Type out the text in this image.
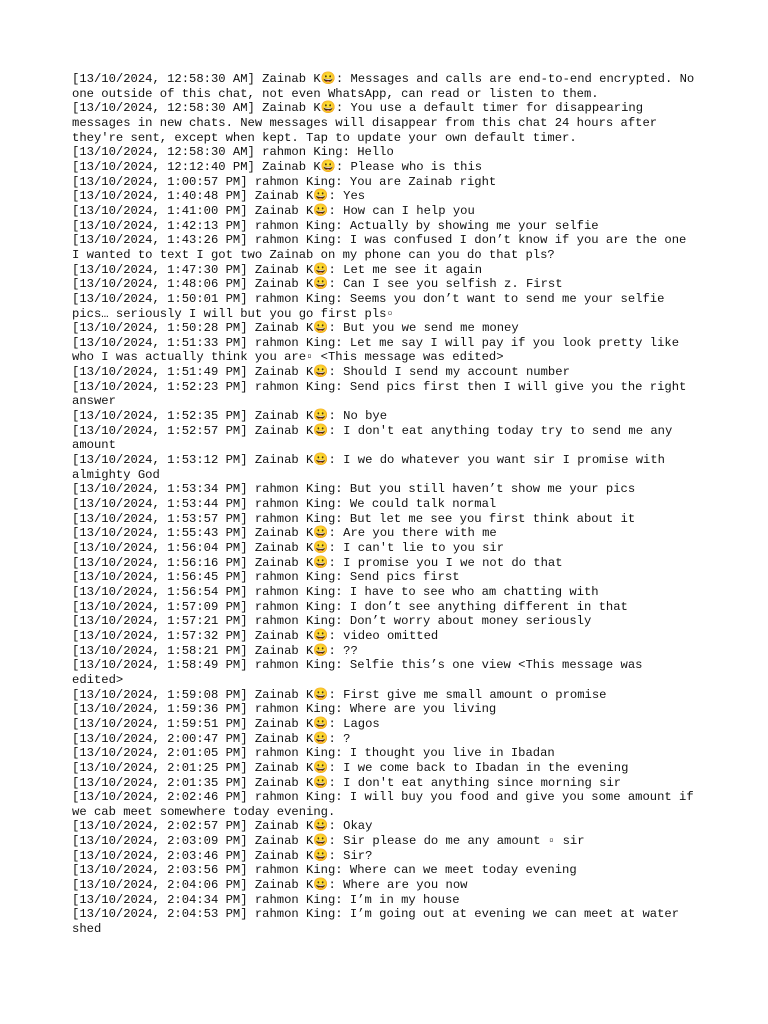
[13/10/2024, 12:58:30 AM] Zainab K😀: Messages and calls are end-to-end encrypted. No one outside of this chat, not even WhatsApp, can read or listen to them.
[13/10/2024, 12:58:30 AM] Zainab K😀: You use a default timer for disappearing messages in new chats. New messages will disappear from this chat 24 hours after they're sent, except when kept. Tap to update your own default timer.
[13/10/2024, 12:58:30 AM] rahmon King: Hello
[13/10/2024, 12:12:40 PM] Zainab K😀: Please who is this
[13/10/2024, 1:00:57 PM] rahmon King: You are Zainab right
[13/10/2024, 1:40:48 PM] Zainab K😀: Yes
[13/10/2024, 1:41:00 PM] Zainab K😀: How can I help you
[13/10/2024, 1:42:13 PM] rahmon King: Actually by showing me your selfie
[13/10/2024, 1:43:26 PM] rahmon King: I was confused I don’t know if you are the one I wanted to text I got two Zainab on my phone can you do that pls?
[13/10/2024, 1:47:30 PM] Zainab K😀: Let me see it again
[13/10/2024, 1:48:06 PM] Zainab K😀: Can I see you selfish z. First
[13/10/2024, 1:50:01 PM] rahmon King: Seems you don’t want to send me your selfie pics… seriously I will but you go first pls▫
[13/10/2024, 1:50:28 PM] Zainab K😀: But you we send me money
[13/10/2024, 1:51:33 PM] rahmon King: Let me say I will pay if you look pretty like who I was actually think you are▫ <This message was edited>
[13/10/2024, 1:51:49 PM] Zainab K😀: Should I send my account number
[13/10/2024, 1:52:23 PM] rahmon King: Send pics first then I will give you the right answer
[13/10/2024, 1:52:35 PM] Zainab K😀: No bye
[13/10/2024, 1:52:57 PM] Zainab K😀: I don't eat anything today try to send me any amount
[13/10/2024, 1:53:12 PM] Zainab K😀: I we do whatever you want sir I promise with almighty God
[13/10/2024, 1:53:34 PM] rahmon King: But you still haven’t show me your pics
[13/10/2024, 1:53:44 PM] rahmon King: We could talk normal
[13/10/2024, 1:53:57 PM] rahmon King: But let me see you first think about it
[13/10/2024, 1:55:43 PM] Zainab K😀: Are you there with me
[13/10/2024, 1:56:04 PM] Zainab K😀: I can't lie to you sir
[13/10/2024, 1:56:16 PM] Zainab K😀: I promise you I we not do that
[13/10/2024, 1:56:45 PM] rahmon King: Send pics first
[13/10/2024, 1:56:54 PM] rahmon King: I have to see who am chatting with
[13/10/2024, 1:57:09 PM] rahmon King: I don’t see anything different in that
[13/10/2024, 1:57:21 PM] rahmon King: Don’t worry about money seriously
[13/10/2024, 1:57:32 PM] Zainab K😀: video omitted
[13/10/2024, 1:58:21 PM] Zainab K😀: ??
[13/10/2024, 1:58:49 PM] rahmon King: Selfie this’s one view <This message was edited>
[13/10/2024, 1:59:08 PM] Zainab K😀: First give me small amount o promise
[13/10/2024, 1:59:36 PM] rahmon King: Where are you living
[13/10/2024, 1:59:51 PM] Zainab K😀: Lagos
[13/10/2024, 2:00:47 PM] Zainab K😀: ?
[13/10/2024, 2:01:05 PM] rahmon King: I thought you live in Ibadan
[13/10/2024, 2:01:25 PM] Zainab K😀: I we come back to Ibadan in the evening
[13/10/2024, 2:01:35 PM] Zainab K😀: I don't eat anything since morning sir
[13/10/2024, 2:02:46 PM] rahmon King: I will buy you food and give you some amount if we cab meet somewhere today evening.
[13/10/2024, 2:02:57 PM] Zainab K😀: Okay
[13/10/2024, 2:03:09 PM] Zainab K😀: Sir please do me any amount ▫ sir
[13/10/2024, 2:03:46 PM] Zainab K😀: Sir?
[13/10/2024, 2:03:56 PM] rahmon King: Where can we meet today evening
[13/10/2024, 2:04:06 PM] Zainab K😀: Where are you now
[13/10/2024, 2:04:34 PM] rahmon King: I’m in my house
[13/10/2024, 2:04:53 PM] rahmon King: I’m going out at evening we can meet at water shed
